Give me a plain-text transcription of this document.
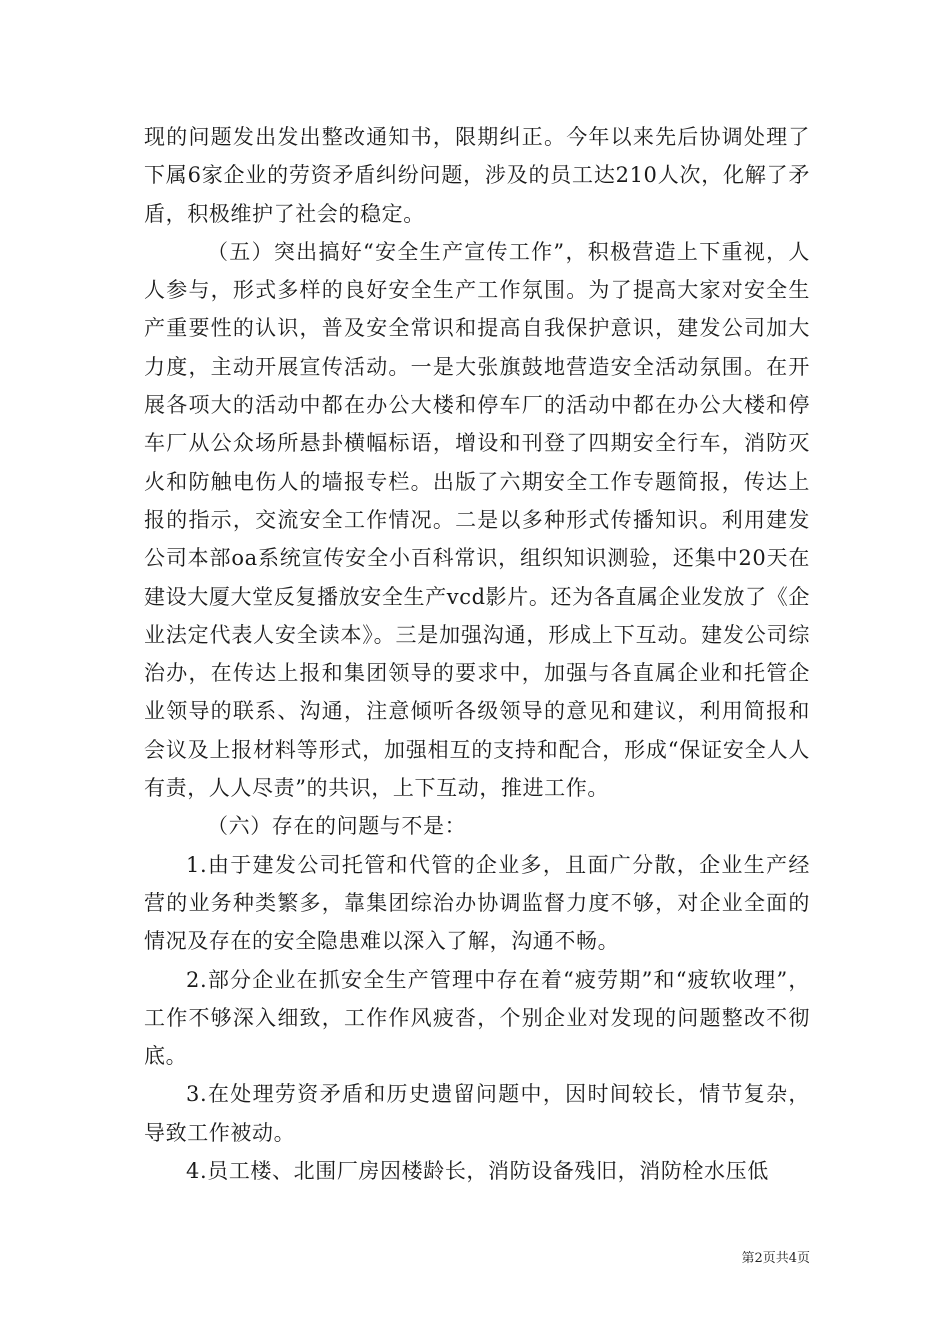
现的问题发出发出整改通知书，限期纠正。今年以来先后协调处理了下属6家企业的劳资矛盾纠纷问题，涉及的员工达210人次，化解了矛盾，积极维护了社会的稳定。

（五）突出搞好“安全生产宣传工作”，积极营造上下重视，人人参与，形式多样的良好安全生产工作氛围。为了提高大家对安全生产重要性的认识，普及安全常识和提高自我保护意识，建发公司加大力度，主动开展宣传活动。一是大张旗鼓地营造安全活动氛围。在开展各项大的活动中都在办公大楼和停车厂的活动中都在办公大楼和停车厂从公众场所悬卦横幅标语，增设和刊登了四期安全行车，消防灭火和防触电伤人的墙报专栏。出版了六期安全工作专题简报，传达上报的指示，交流安全工作情况。二是以多种形式传播知识。利用建发公司本部oa系统宣传安全小百科常识，组织知识测验，还集中20天在建设大厦大堂反复播放安全生产vcd影片。还为各直属企业发放了《企业法定代表人安全读本》。三是加强沟通，形成上下互动。建发公司综治办，在传达上报和集团领导的要求中，加强与各直属企业和托管企业领导的联系、沟通，注意倾听各级领导的意见和建议，利用简报和会议及上报材料等形式，加强相互的支持和配合，形成“保证安全人人有责，人人尽责”的共识，上下互动，推进工作。

（六）存在的问题与不是：

1.由于建发公司托管和代管的企业多，且面广分散，企业生产经营的业务种类繁多，靠集团综治办协调监督力度不够，对企业全面的情况及存在的安全隐患难以深入了解，沟通不畅。

2.部分企业在抓安全生产管理中存在着“疲劳期”和“疲软收理”，工作不够深入细致，工作作风疲沓，个别企业对发现的问题整改不彻底。

3.在处理劳资矛盾和历史遗留问题中，因时间较长，情节复杂，导致工作被动。

4.员工楼、北围厂房因楼龄长，消防设备残旧，消防栓水压低

第2页共4页
